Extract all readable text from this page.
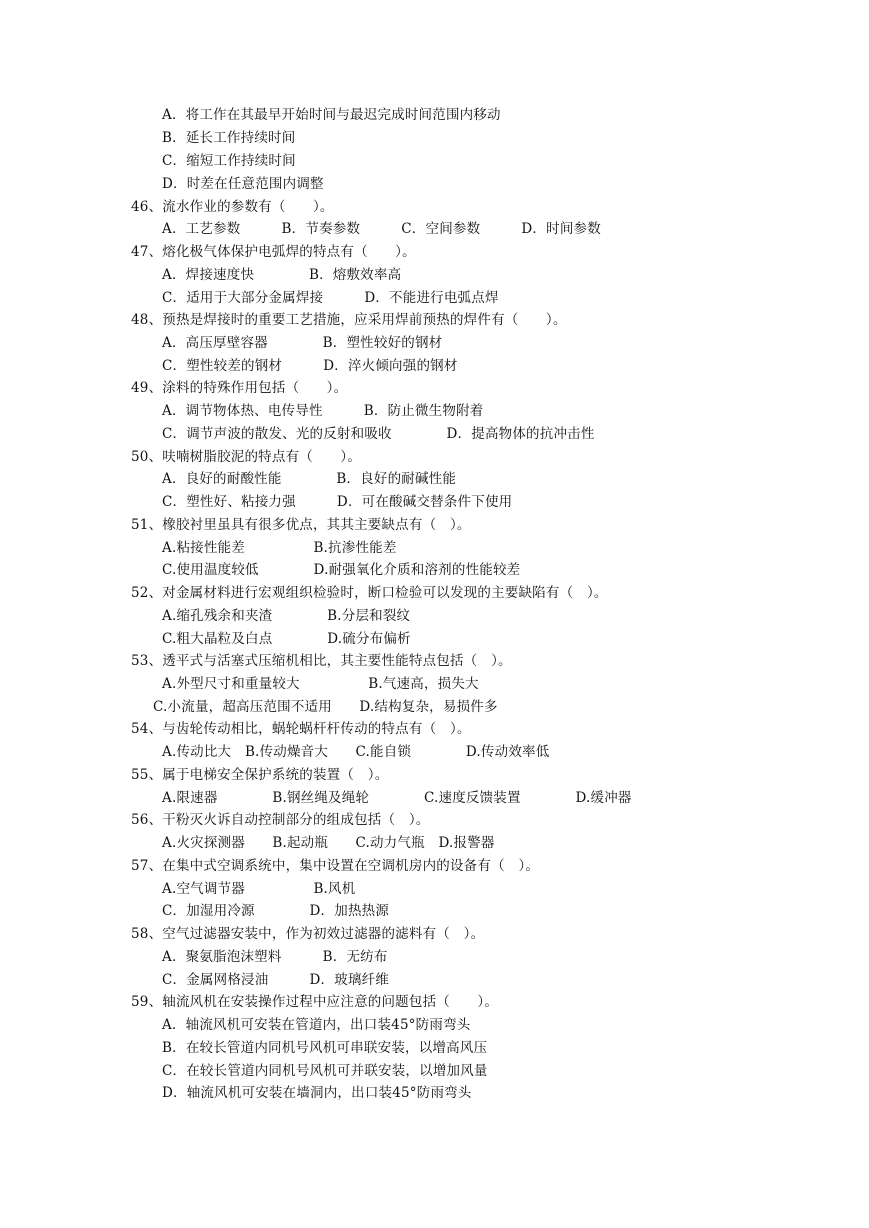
A．将工作在其最早开始时间与最迟完成时间范围内移动
B．延长工作持续时间
C．缩短工作持续时间
D．时差在任意范围内调整
46、流水作业的参数有（　　）。
A．工艺参数　　　B．节奏参数　　　C．空间参数　　　D．时间参数
47、熔化极气体保护电弧焊的特点有（　　）。
A．焊接速度快　　　　B．熔敷效率高
C．适用于大部分金属焊接　　　D．不能进行电弧点焊
48、预热是焊接时的重要工艺措施，应采用焊前预热的焊件有（　　）。
A．高压厚壁容器　　　　B．塑性较好的钢材
C．塑性较差的钢材　　　D．淬火倾向强的钢材
49、涂料的特殊作用包括（　　）。
A．调节物体热、电传导性　　　B．防止微生物附着
C．调节声波的散发、光的反射和吸收　　　　D．提高物体的抗冲击性
50、呋喃树脂胶泥的特点有（　　）。
A．良好的耐酸性能　　　　B．良好的耐碱性能
C．塑性好、粘接力强　　　D．可在酸碱交替条件下使用
51、橡胶衬里虽具有很多优点，其其主要缺点有（　）。
A.粘接性能差　　　　　B.抗渗性能差
C.使用温度较低　　　　D.耐强氧化介质和溶剂的性能较差
52、对金属材料进行宏观组织检验时，断口检验可以发现的主要缺陷有（　）。
A.缩孔残余和夹渣　　　　B.分层和裂纹
C.粗大晶粒及白点　　　　D.硫分布偏析
53、透平式与活塞式压缩机相比，其主要性能特点包括（　）。
A.外型尺寸和重量较大　　　　　B.气速高，损失大
C.小流量，超高压范围不适用　　D.结构复杂，易损件多
54、与齿轮传动相比，蜗轮蜗杆杆传动的特点有（　）。
A.传动比大　B.传动燥音大　　C.能自锁　　　　D.传动效率低
55、属于电梯安全保护系统的装置（　）。
A.限速器　　　　B.钢丝绳及绳轮　　　　C.速度反馈装置　　　　D.缓冲器
56、干粉灭火诉自动控制部分的组成包括（　）。
A.火灾探测器　　B.起动瓶　　C.动力气瓶　D.报警器
57、在集中式空调系统中，集中设置在空调机房内的设备有（　）。
A.空气调节器　　　　　B.风机
C．加湿用冷源　　　　D．加热热源
58、空气过滤器安装中，作为初效过滤器的滤料有（　）。
A．聚氨脂泡沫塑料　　　B．无纺布
C．金属网格浸油　　　D．玻璃纤维
59、轴流风机在安装操作过程中应注意的问题包括（　　）。
A．轴流风机可安装在管道内，出口装45°防雨弯头
B．在较长管道内同机号风机可串联安装，以增高风压
C．在较长管道内同机号风机可并联安装，以增加风量
D．轴流风机可安装在墙洞内，出口装45°防雨弯头
